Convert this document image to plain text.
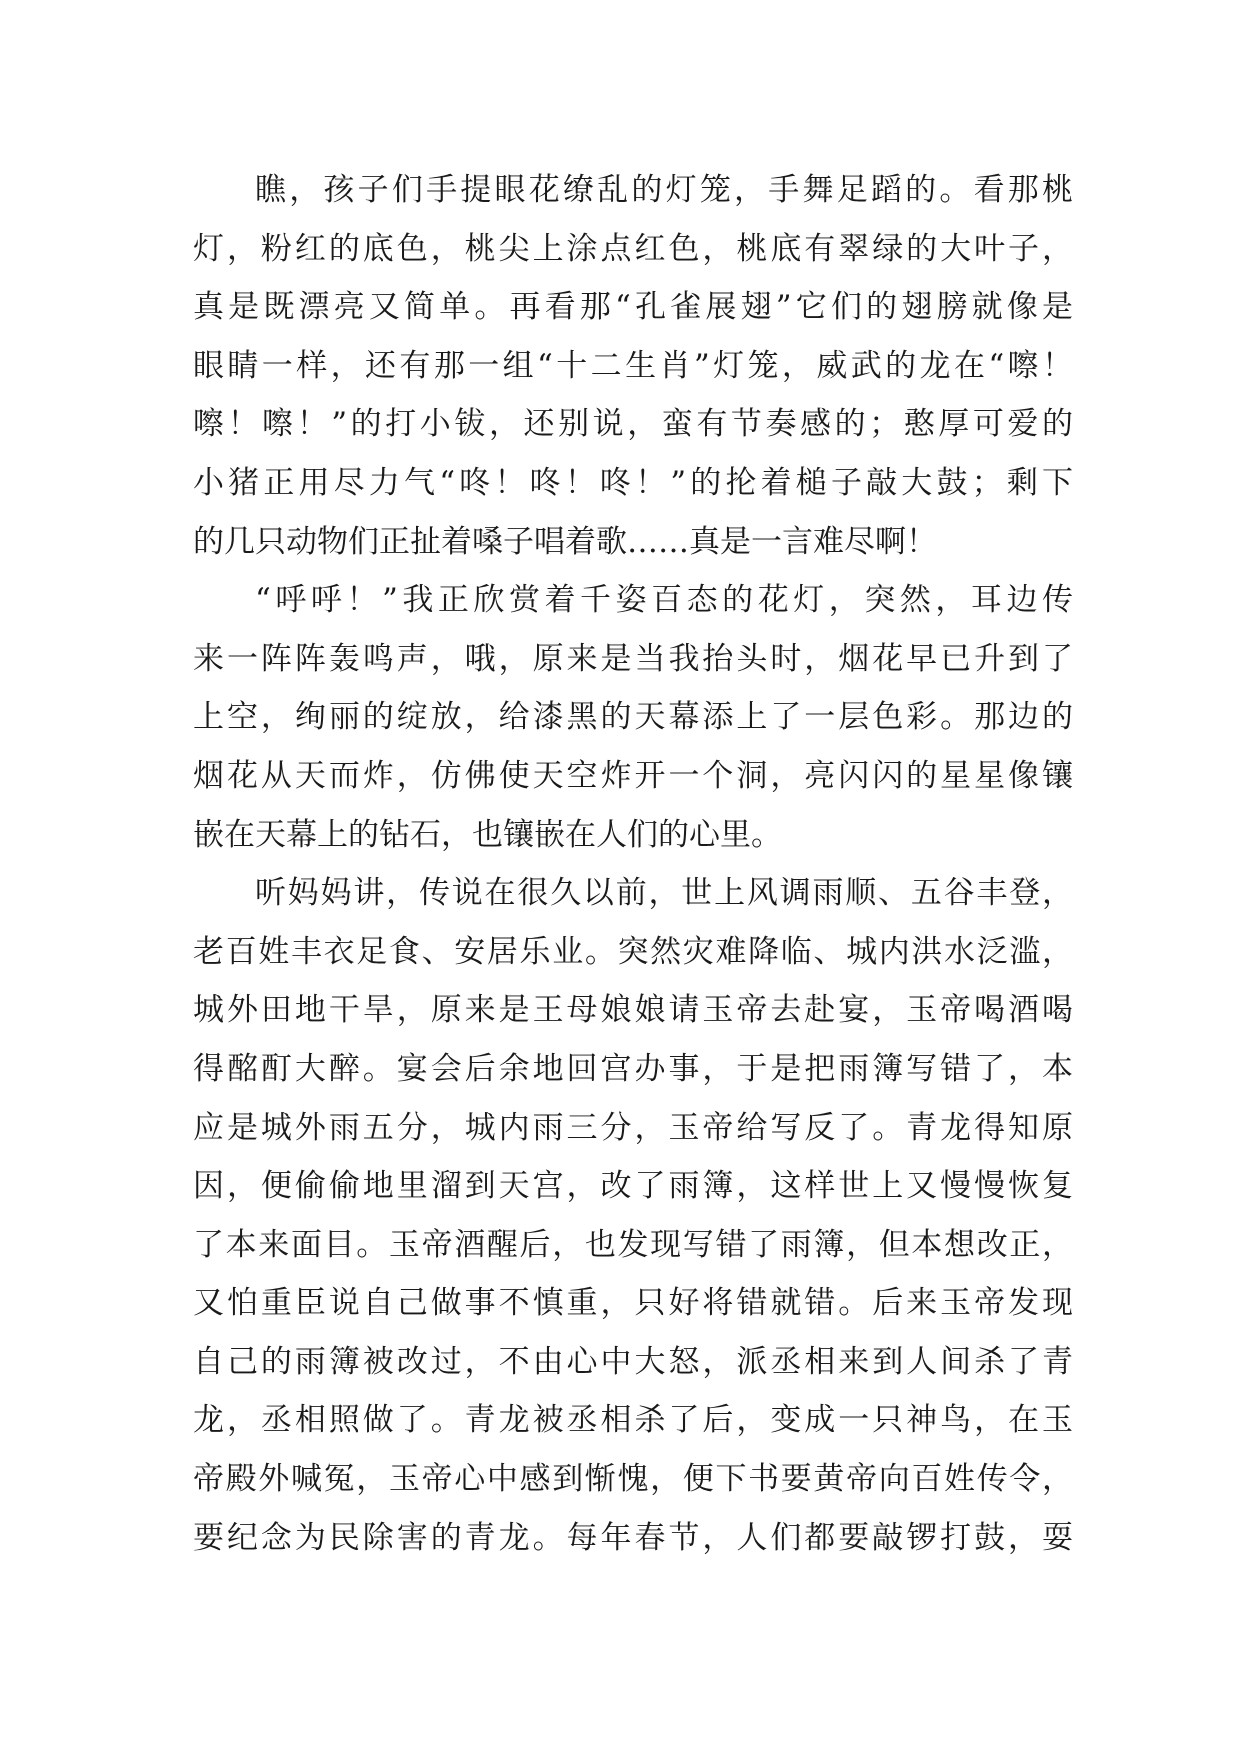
瞧，孩子们手提眼花缭乱的灯笼，手舞足蹈的。看那桃
灯，粉红的底色，桃尖上涂点红色，桃底有翠绿的大叶子，
真是既漂亮又简单。再看那“孔雀展翅”它们的翅膀就像是
眼睛一样，还有那一组“十二生肖”灯笼，威武的龙在“嚓！
嚓！嚓！”的打小钹，还别说，蛮有节奏感的；憨厚可爱的
小猪正用尽力气“咚！咚！咚！”的抡着槌子敲大鼓；剩下
的几只动物们正扯着嗓子唱着歌……真是一言难尽啊！
“呼呼！”我正欣赏着千姿百态的花灯，突然，耳边传
来一阵阵轰鸣声，哦，原来是当我抬头时，烟花早已升到了
上空，绚丽的绽放，给漆黑的天幕添上了一层色彩。那边的
烟花从天而炸，仿佛使天空炸开一个洞，亮闪闪的星星像镶
嵌在天幕上的钻石，也镶嵌在人们的心里。
听妈妈讲，传说在很久以前，世上风调雨顺、五谷丰登，
老百姓丰衣足食、安居乐业。突然灾难降临、城内洪水泛滥，
城外田地干旱，原来是王母娘娘请玉帝去赴宴，玉帝喝酒喝
得酩酊大醉。宴会后余地回宫办事，于是把雨簿写错了，本
应是城外雨五分，城内雨三分，玉帝给写反了。青龙得知原
因，便偷偷地里溜到天宫，改了雨簿，这样世上又慢慢恢复
了本来面目。玉帝酒醒后，也发现写错了雨簿，但本想改正，
又怕重臣说自己做事不慎重，只好将错就错。后来玉帝发现
自己的雨簿被改过，不由心中大怒，派丞相来到人间杀了青
龙，丞相照做了。青龙被丞相杀了后，变成一只神鸟，在玉
帝殿外喊冤，玉帝心中感到惭愧，便下书要黄帝向百姓传令，
要纪念为民除害的青龙。每年春节，人们都要敲锣打鼓，耍
